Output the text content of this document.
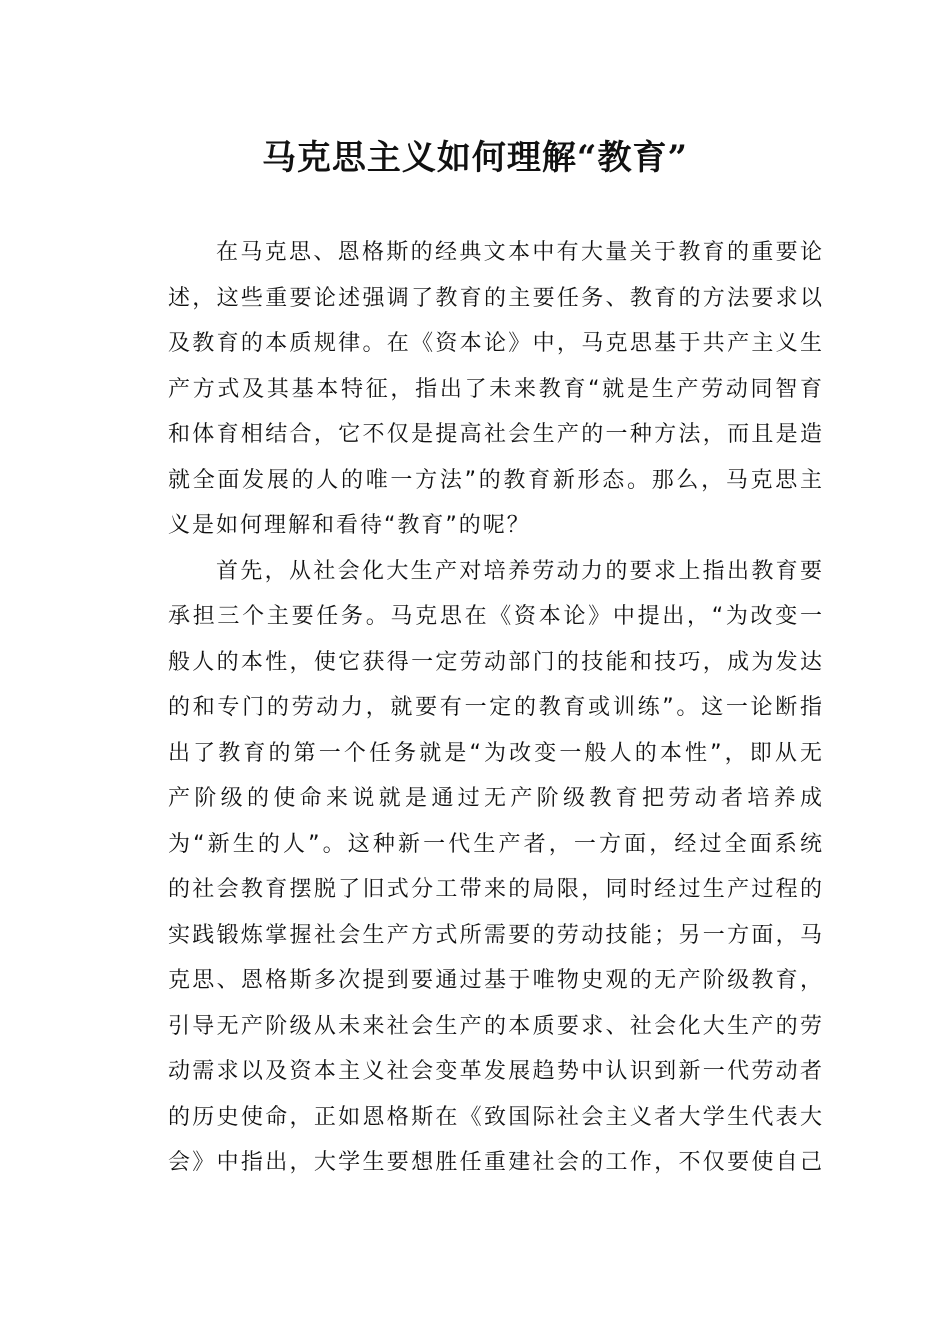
马克思主义如何理解“教育”
在马克思、恩格斯的经典文本中有大量关于教育的重要论
述，这些重要论述强调了教育的主要任务、教育的方法要求以
及教育的本质规律。在《资本论》中，马克思基于共产主义生
产方式及其基本特征，指出了未来教育“就是生产劳动同智育
和体育相结合，它不仅是提高社会生产的一种方法，而且是造
就全面发展的人的唯一方法”的教育新形态。那么，马克思主
义是如何理解和看待“教育”的呢？
首先，从社会化大生产对培养劳动力的要求上指出教育要
承担三个主要任务。马克思在《资本论》中提出，“为改变一
般人的本性，使它获得一定劳动部门的技能和技巧，成为发达
的和专门的劳动力，就要有一定的教育或训练”。这一论断指
出了教育的第一个任务就是“为改变一般人的本性”，即从无
产阶级的使命来说就是通过无产阶级教育把劳动者培养成
为“新生的人”。这种新一代生产者，一方面，经过全面系统
的社会教育摆脱了旧式分工带来的局限，同时经过生产过程的
实践锻炼掌握社会生产方式所需要的劳动技能；另一方面，马
克思、恩格斯多次提到要通过基于唯物史观的无产阶级教育，
引导无产阶级从未来社会生产的本质要求、社会化大生产的劳
动需求以及资本主义社会变革发展趋势中认识到新一代劳动者
的历史使命，正如恩格斯在《致国际社会主义者大学生代表大
会》中指出，大学生要想胜任重建社会的工作，不仅要使自己
